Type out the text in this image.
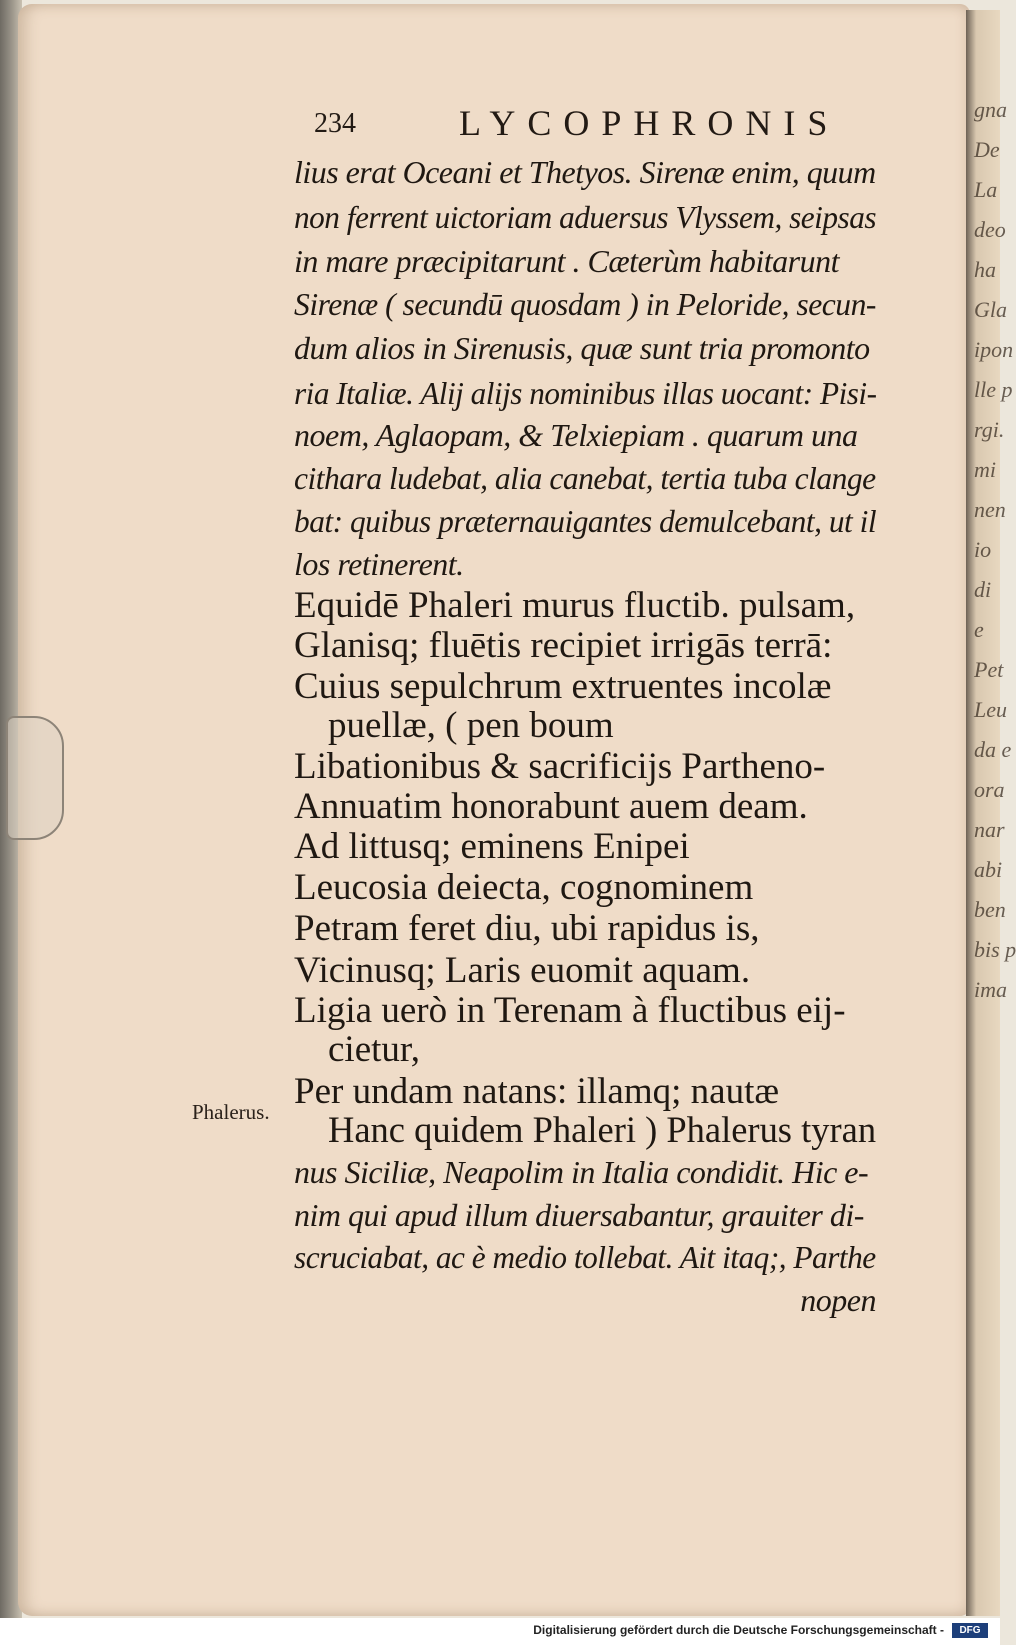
234	LYCOPHRONIS
lius erat Oceani et Thetyos. Sirenæ enim, quum
non ferrent uictoriam aduersus Vlyssem, seipsas
in mare præcipitarunt . Cæterùm habitarunt
Sirenæ ( secundū quosdam ) in Peloride, secun-
dum alios in Sirenusis, quæ sunt tria promonto
ria Italiæ. Alij alijs nominibus illas uocant: Pisi-
noem, Aglaopam, & Telxiepiam . quarum una
cithara ludebat, alia canebat, tertia tuba clange
bat: quibus præternauigantes demulcebant, ut il
los retinerent.
Equidē Phaleri murus fluctib. pulsam,
Glanisq; fluētis recipiet irrigās terrā:
Cuius sepulchrum extruentes incolæ
puellæ, ( pen boum
Libationibus & sacrificijs Partheno-
Annuatim honorabunt auem deam.
Ad littusq; eminens Enipei
Leucosia deiecta, cognominem
Petram feret diu, ubi rapidus is,
Vicinusq; Laris euomit aquam.
Ligia uerò in Terenam à fluctibus eij-
cietur,
Per undam natans: illamq; nautæ
Hanc quidem Phaleri ) Phalerus tyran
nus Siciliæ, Neapolim in Italia condidit. Hic e-
nim qui apud illum diuersabantur, grauiter di-
scruciabat, ac è medio tollebat. Ait itaq;, Parthe
nopen
Phalerus.
gna
De
La
deo
ha
Gla
ipon
lle p
rgi.
mi
nen
io
di
e
Pet
Leu
da e
ora
nar
abi
ben
bis p
ima
Digitalisierung gefördert durch die Deutsche Forschungsgemeinschaft -	DFG
